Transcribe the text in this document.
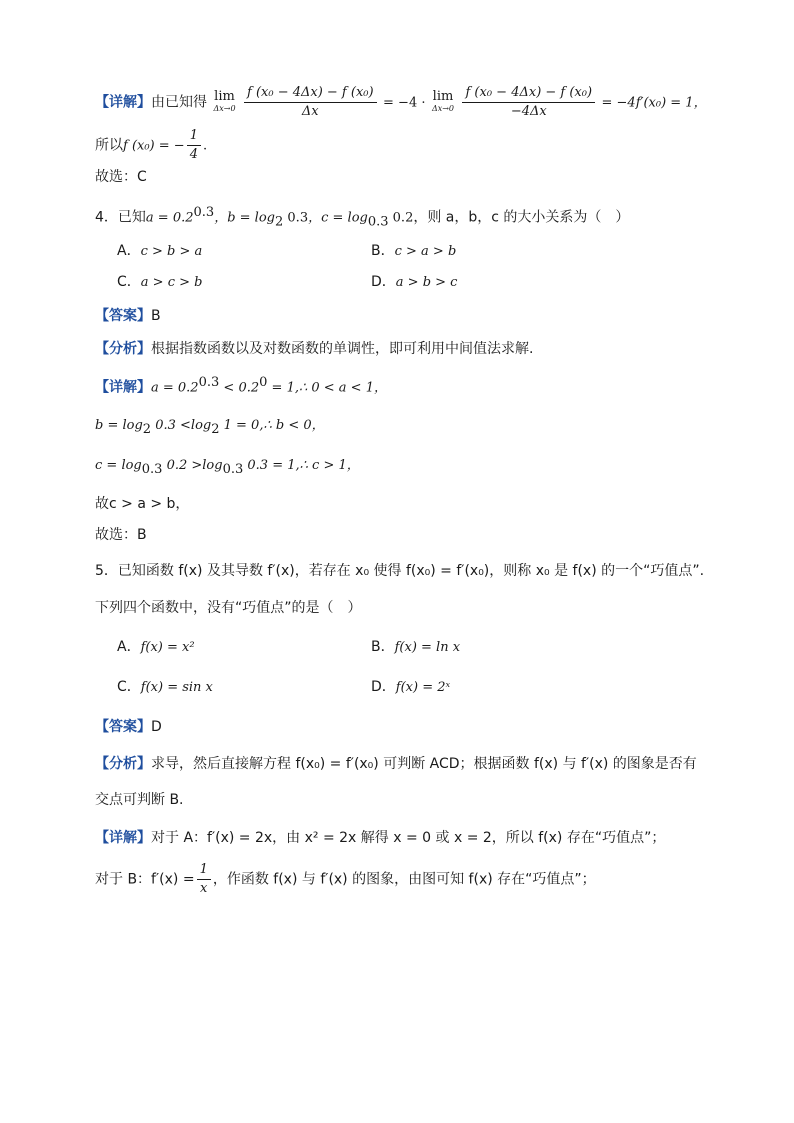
【详解】由已知得 lim
Δx→0
$\frac{\text{f (x₀ − 4Δx) − f (x₀)}}{\Delta x} = -4 \cdot \lim$
Δx→0
$\frac{\text{f (x₀ − 4Δx) − f (x₀)}}{-4\Delta x} = -4f'(x_0) = 1$，
所以f (x₀) = − $\frac{1}{4}$ .
故选：C
4．已知$a = 0.2^{0.3}$，$b = \log_2 0.3$，$c = \log_{0.3} 0.2$，则 a，b，c 的大小关系为（　）
A．c > b > a	B．c > a > b
C．a > c > b	D．a > b > c
【答案】B
【分析】根据指数函数以及对数函数的单调性，即可利用中间值法求解.
【详解】$a = 0.2^{0.3} < 0.2^0$ = 1,∴ 0 < a < 1，
$b = \log_2 0.3 <\log_2$ 1 = 0,∴ b < 0，
$c = \log_{0.3} 0.2 >\log_{0.3}$ 0.3 = 1,∴ c > 1，
故c > a > b，
故选：B
5．已知函数 f(x) 及其导数 f′(x)，若存在 x₀ 使得 f(x₀) = f′(x₀)，则称 x₀ 是 f(x) 的一个“巧值点”.
下列四个函数中，没有“巧值点”的是（　）
A．f(x) = x²	B．f(x) = ln x
C．f(x) = sin x	D．f(x) = 2ˣ
【答案】D
【分析】求导，然后直接解方程 f(x₀) = f′(x₀) 可判断 ACD；根据函数 f(x) 与 f′(x) 的图象是否有
交点可判断 B.
【详解】对于 A：f′(x) = 2x，由 x² = 2x 解得 x = 0 或 x = 2，所以 f(x) 存在“巧值点”；
对于 B：$f'(x) = \frac{1}{x}$ ，作函数 f(x) 与 f′(x) 的图象，由图可知 f(x) 存在“巧值点”；
